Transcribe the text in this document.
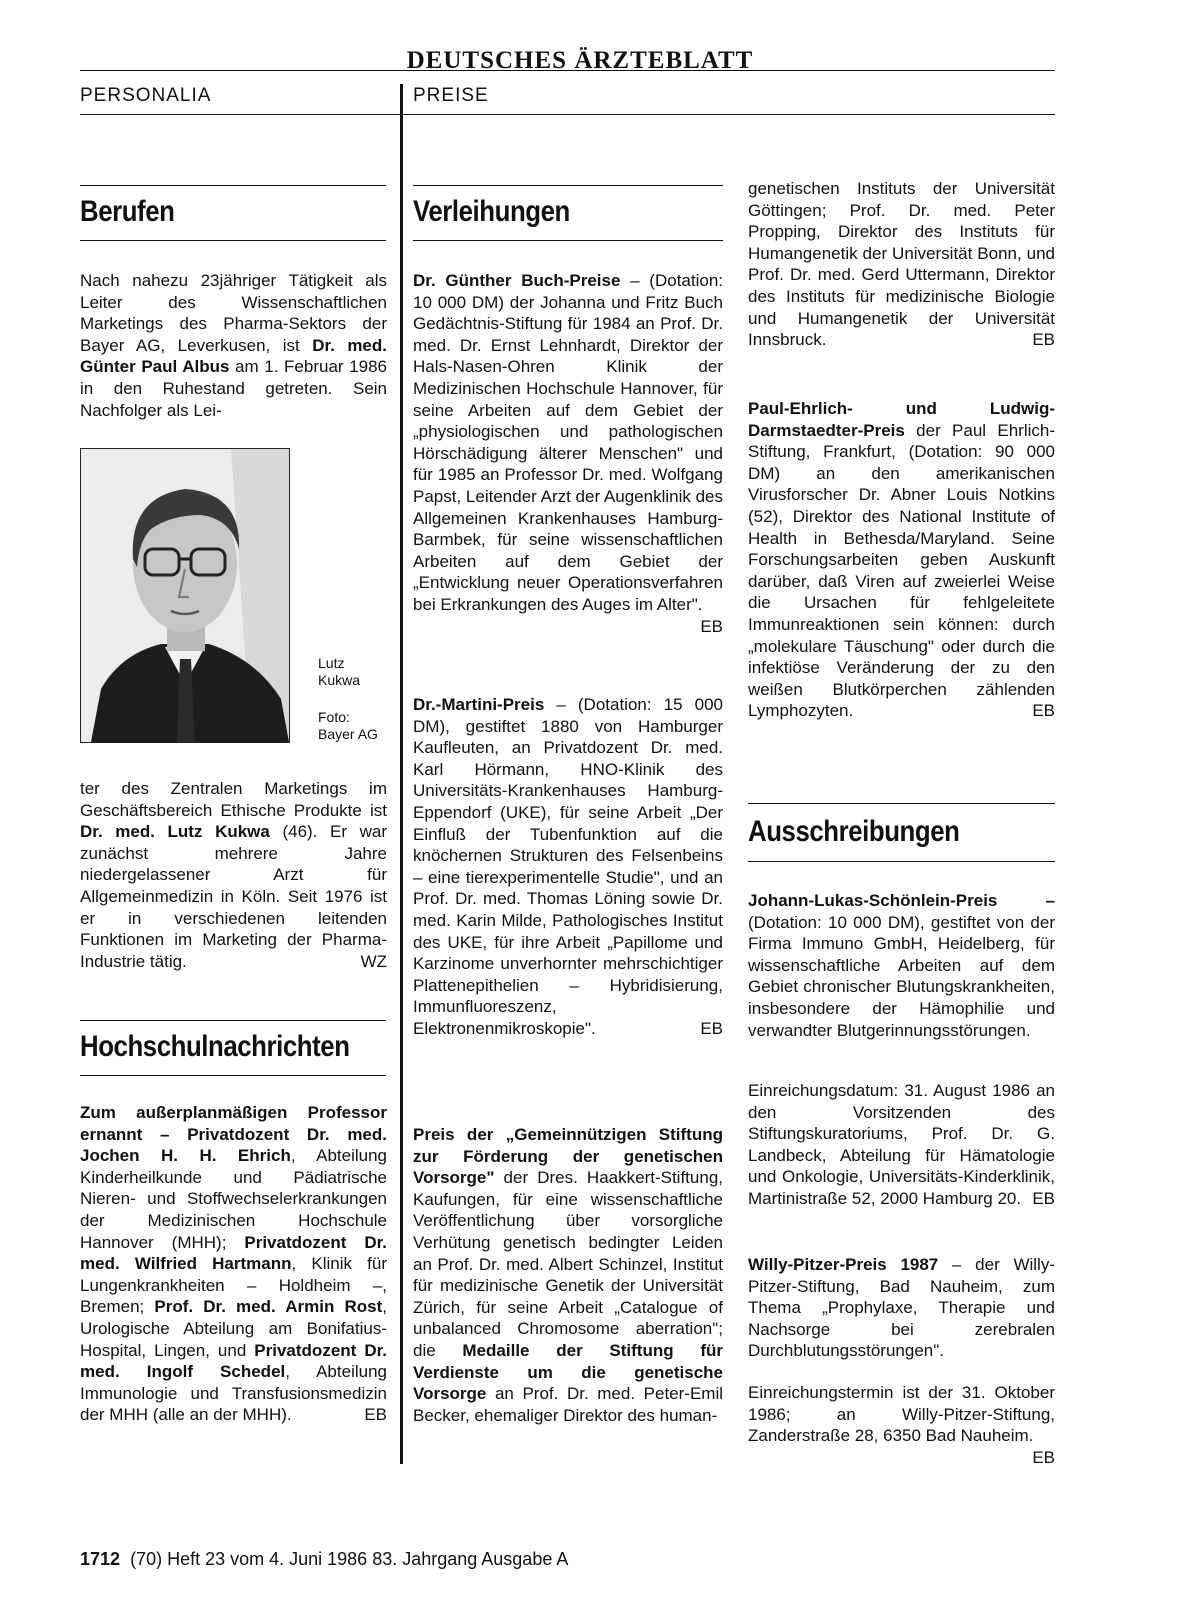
DEUTSCHES ÄRZTEBLATT
PERSONALIA	PREISE
Berufen

Nach nahezu 23jähriger Tätigkeit als Leiter des Wissenschaftlichen Marketings des Pharma-Sektors der Bayer AG, Leverkusen, ist Dr. med. Günter Paul Albus am 1. Februar 1986 in den Ruhestand getreten. Sein Nachfolger als Lei-

Lutz
Kukwa
Foto:
Bayer AG

ter des Zentralen Marketings im Geschäftsbereich Ethische Produkte ist Dr. med. Lutz Kukwa (46). Er war zunächst mehrere Jahre niedergelassener Arzt für Allgemeinmedizin in Köln. Seit 1976 ist er in verschiedenen leitenden Funktionen im Marketing der Pharma-Industrie tätig.	WZ

Hochschulnachrichten

Zum außerplanmäßigen Professor ernannt – Privatdozent Dr. med. Jochen H. H. Ehrich, Abteilung Kinderheilkunde und Pädiatrische Nieren- und Stoffwechselerkrankungen der Medizinischen Hochschule Hannover (MHH); Privatdozent Dr. med. Wilfried Hartmann, Klinik für Lungenkrankheiten – Holdheim –, Bremen; Prof. Dr. med. Armin Rost, Urologische Abteilung am Bonifatius-Hospital, Lingen, und Privatdozent Dr. med. Ingolf Schedel, Abteilung Immunologie und Transfusionsmedizin der MHH (alle an der MHH).	EB

Verleihungen

Dr. Günther Buch-Preise – (Dotation: 10 000 DM) der Johanna und Fritz Buch Gedächtnis-Stiftung für 1984 an Prof. Dr. med. Dr. Ernst Lehnhardt, Direktor der Hals-Nasen-Ohren Klinik der Medizinischen Hochschule Hannover, für seine Arbeiten auf dem Gebiet der „physiologischen und pathologischen Hörschädigung älterer Menschen" und für 1985 an Professor Dr. med. Wolfgang Papst, Leitender Arzt der Augenklinik des Allgemeinen Krankenhauses Hamburg-Barmbek, für seine wissenschaftlichen Arbeiten auf dem Gebiet der „Entwicklung neuer Operationsverfahren bei Erkrankungen des Auges im Alter".
EB

Dr.-Martini-Preis – (Dotation: 15 000 DM), gestiftet 1880 von Hamburger Kaufleuten, an Privatdozent Dr. med. Karl Hörmann, HNO-Klinik des Universitäts-Krankenhauses Hamburg-Eppendorf (UKE), für seine Arbeit „Der Einfluß der Tubenfunktion auf die knöchernen Strukturen des Felsenbeins – eine tierexperimentelle Studie", und an Prof. Dr. med. Thomas Löning sowie Dr. med. Karin Milde, Pathologisches Institut des UKE, für ihre Arbeit „Papillome und Karzinome unverhornter mehrschichtiger Plattenepithelien – Hybridisierung, Immunfluoreszenz, Elektronenmikroskopie".	EB

Preis der „Gemeinnützigen Stiftung zur Förderung der genetischen Vorsorge" der Dres. Haakkert-Stiftung, Kaufungen, für eine wissenschaftliche Veröffentlichung über vorsorgliche Verhütung genetisch bedingter Leiden an Prof. Dr. med. Albert Schinzel, Institut für medizinische Genetik der Universität Zürich, für seine Arbeit „Catalogue of unbalanced Chromosome aberration"; die Medaille der Stiftung für Verdienste um die genetische Vorsorge an Prof. Dr. med. Peter-Emil Becker, ehemaliger Direktor des human-

genetischen Instituts der Universität Göttingen; Prof. Dr. med. Peter Propping, Direktor des Instituts für Humangenetik der Universität Bonn, und Prof. Dr. med. Gerd Uttermann, Direktor des Instituts für medizinische Biologie und Humangenetik der Universität Innsbruck.	EB

Paul-Ehrlich- und Ludwig-Darmstaedter-Preis der Paul Ehrlich-Stiftung, Frankfurt, (Dotation: 90 000 DM) an den amerikanischen Virusforscher Dr. Abner Louis Notkins (52), Direktor des National Institute of Health in Bethesda/Maryland. Seine Forschungsarbeiten geben Auskunft darüber, daß Viren auf zweierlei Weise die Ursachen für fehlgeleitete Immunreaktionen sein können: durch „molekulare Täuschung" oder durch die infektiöse Veränderung der zu den weißen Blutkörperchen zählenden Lymphozyten.	EB

Ausschreibungen

Johann-Lukas-Schönlein-Preis – (Dotation: 10 000 DM), gestiftet von der Firma Immuno GmbH, Heidelberg, für wissenschaftliche Arbeiten auf dem Gebiet chronischer Blutungskrankheiten, insbesondere der Hämophilie und verwandter Blutgerinnungsstörungen.

Einreichungsdatum: 31. August 1986 an den Vorsitzenden des Stiftungskuratoriums, Prof. Dr. G. Landbeck, Abteilung für Hämatologie und Onkologie, Universitäts-Kinderklinik, Martinistraße 52, 2000 Hamburg 20. EB

Willy-Pitzer-Preis 1987 – der Willy-Pitzer-Stiftung, Bad Nauheim, zum Thema „Prophylaxe, Therapie und Nachsorge bei zerebralen Durchblutungsstörungen".

Einreichungstermin ist der 31. Oktober 1986; an Willy-Pitzer-Stiftung, Zanderstraße 28, 6350 Bad Nauheim.
EB

1712 (70) Heft 23 vom 4. Juni 1986 83. Jahrgang Ausgabe A
